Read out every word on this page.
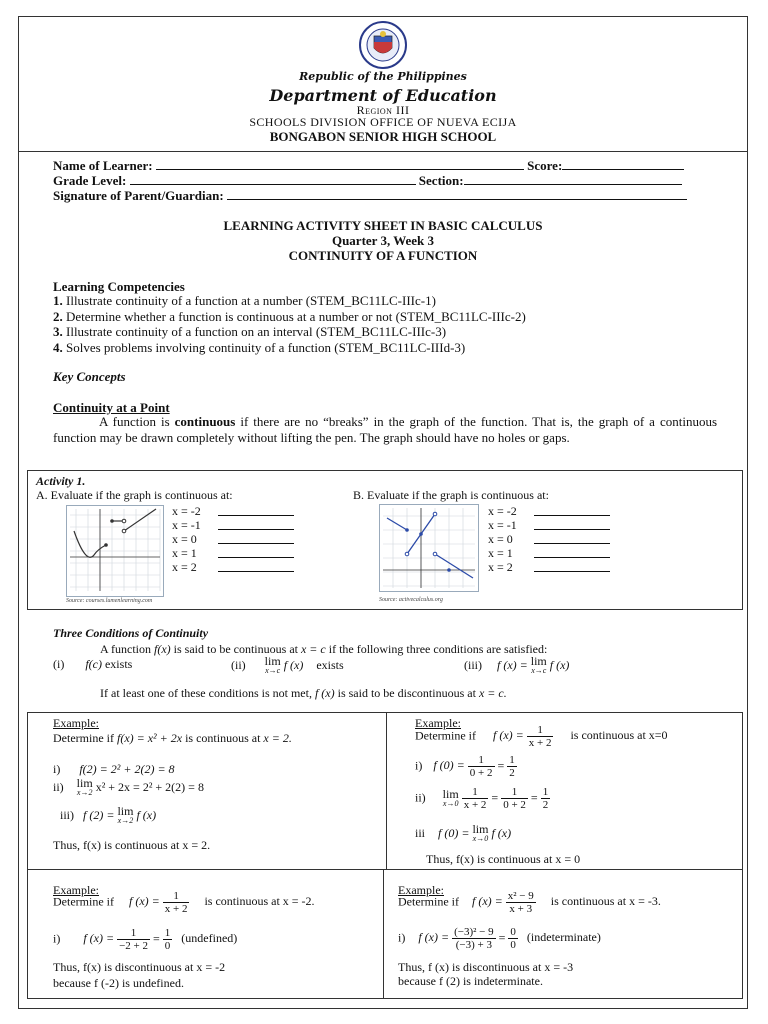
Republic of the Philippines
Department of Education
Region III
SCHOOLS DIVISION OFFICE OF NUEVA ECIJA
BONGABON SENIOR HIGH SCHOOL
Name of Learner:	Score:
Grade Level:	Section:
Signature of Parent/Guardian:
LEARNING ACTIVITY SHEET IN BASIC CALCULUS
Quarter 3, Week 3
CONTINUITY OF A FUNCTION
Learning Competencies
1. Illustrate continuity of a function at a number (STEM_BC11LC-IIIc-1)
2. Determine whether a function is continuous at a number or not (STEM_BC11LC-IIIc-2)
3. Illustrate continuity of a function on an interval (STEM_BC11LC-IIIc-3)
4. Solves problems involving continuity of a function (STEM_BC11LC-IIId-3)
Key Concepts
Continuity at a Point

A function is continuous if there are no “breaks” in the graph of the function. That is, the graph of a continuous function may be drawn completely without lifting the pen. The graph should have no holes or gaps.

Activity 1.
A. Evaluate if the graph is continuous at:	B. Evaluate if the graph is continuous at:
Source: courses.lumenlearning.com
x = -2
x = -1
x = 0
x = 1
x = 2
Source: activecalculus.org
x = -2
x = -1
x = 0
x = 1
x = 2
Three Conditions of Continuity
A function f(x) is said to be continuous at x = c if the following three conditions are satisfied:
(i) f(c) exists	(ii) lim
x→c f (x) exists	(iii) f (x) = lim
x→c f (x)
If at least one of these conditions is not met, f (x) is said to be discontinuous at x = c.
Example:
Determine if f(x) = x² + 2x is continuous at x = 2.
i) f(2) = 2² + 2(2) = 8
ii) lim
x→2 x² + 2x = 2² + 2(2) = 8
iii) f (2) = lim
x→2 f (x)
Thus, f(x) is continuous at x = 2.
Example:
Determine if f $(x) = \frac{1}{x + 2}$ is continuous at x=0
i) f $(0) = \frac{1}{0 + 2} = \frac{1}{2}$
ii) lim
x→0
$\frac{1}{x + 2} = \frac{1}{0 + 2} = \frac{1}{2}$
iii f (0) = lim
x→0 f (x)
Thus, f(x) is continuous at x = 0
Example:
Determine if f $(x) = \frac{1}{x + 2}$ is continuous at x = -2.
i) f $(x) = \frac{1}{-2 + 2} = \frac{1}{0}$ (undefined)
Thus, f(x) is discontinuous at x = -2
because f (-2) is undefined.
Example:
Determine if f $(x) = \frac{\text{x² − 9}}{x + 3}$ is continuous at x = -3.
i) f $(x) = \frac{\text{(−3)² − 9}}{(-3) + 3} = \frac{0}{0}$ (indeterminate)
Thus, f (x) is discontinuous at x = -3
because f (2) is indeterminate.
